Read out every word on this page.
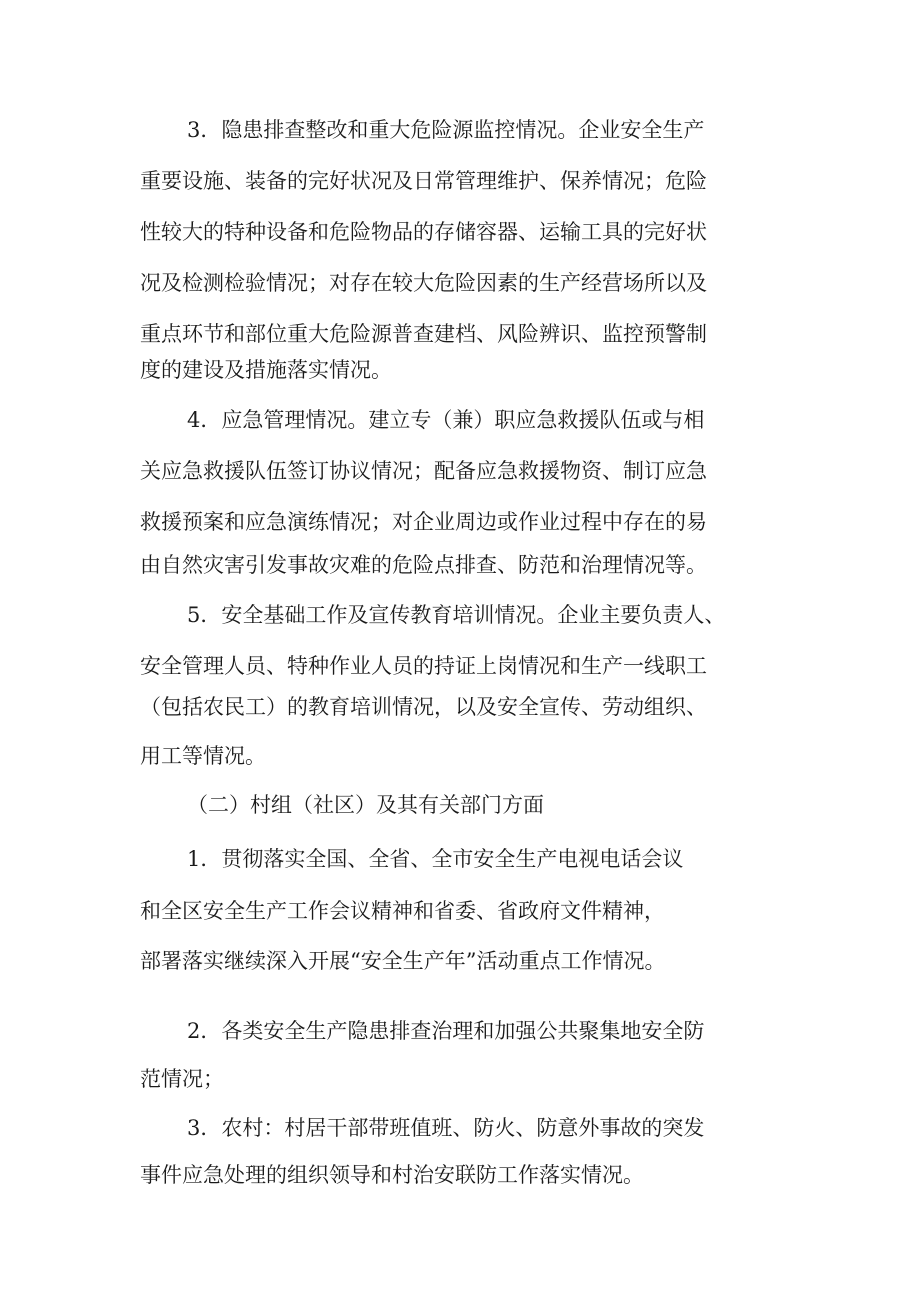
3．隐患排查整改和重大危险源监控情况。企业安全生产
重要设施、装备的完好状况及日常管理维护、保养情况；危险
性较大的特种设备和危险物品的存储容器、运输工具的完好状
况及检测检验情况；对存在较大危险因素的生产经营场所以及
重点环节和部位重大危险源普查建档、风险辨识、监控预警制
度的建设及措施落实情况。
4．应急管理情况。建立专（兼）职应急救援队伍或与相
关应急救援队伍签订协议情况；配备应急救援物资、制订应急
救援预案和应急演练情况；对企业周边或作业过程中存在的易
由自然灾害引发事故灾难的危险点排查、防范和治理情况等。
5．安全基础工作及宣传教育培训情况。企业主要负责人、
安全管理人员、特种作业人员的持证上岗情况和生产一线职工
（包括农民工）的教育培训情况，以及安全宣传、劳动组织、
用工等情况。
（二）村组（社区）及其有关部门方面
1．贯彻落实全国、全省、全市安全生产电视电话会议
和全区安全生产工作会议精神和省委、省政府文件精神，
部署落实继续深入开展“安全生产年”活动重点工作情况。
2．各类安全生产隐患排查治理和加强公共聚集地安全防
范情况；
3．农村：村居干部带班值班、防火、防意外事故的突发
事件应急处理的组织领导和村治安联防工作落实情况。
